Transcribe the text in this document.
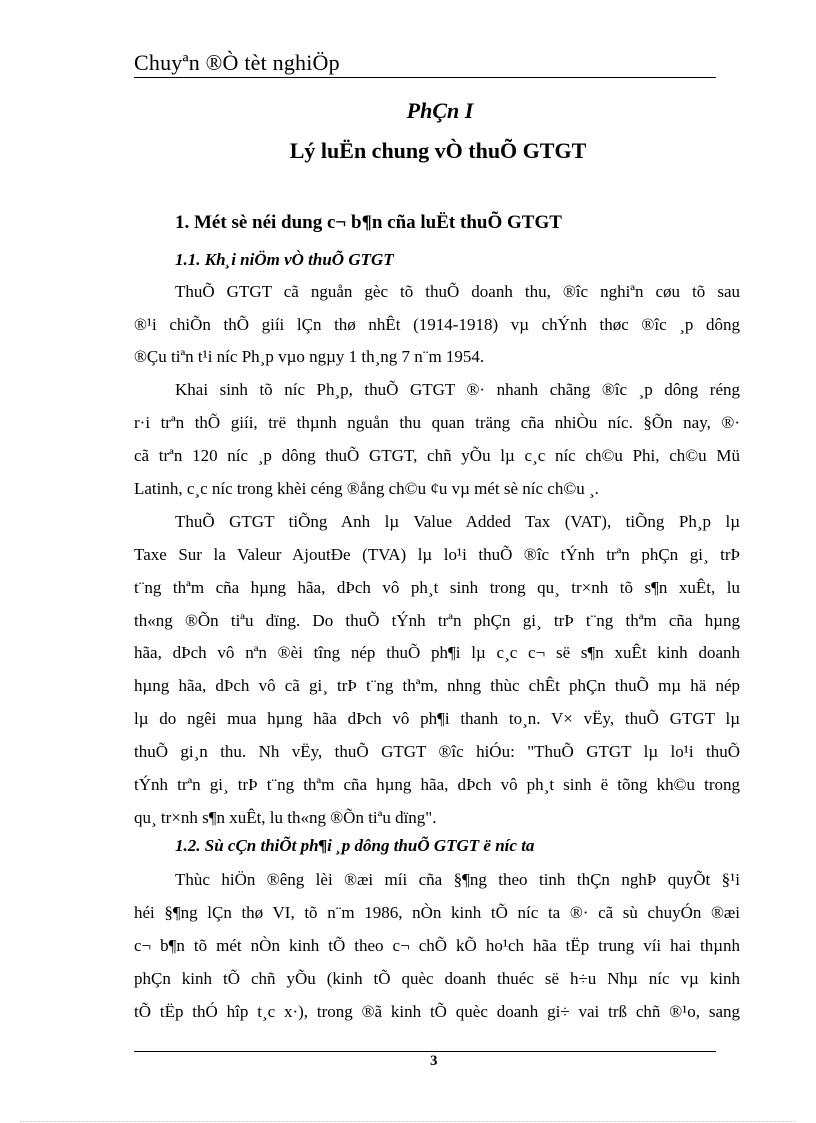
Chuyªn ®Ò tèt nghiÖp
PhÇn I
Lý luËn chung vÒ thuÕ GTGT
1. Mét sè néi dung c¬ b¶n cña luËt thuÕ GTGT
1.1. Kh¸i niÖm vÒ thuÕ GTGT
ThuÕ GTGT cã nguån gèc tõ thuÕ doanh thu, ®îc nghiªn cøu tõ sau
®¹i chiÕn thÕ giíi lÇn thø nhÊt (1914-1918) vµ chÝnh thøc ®îc ¸p dông
®Çu tiªn t¹i níc Ph¸p vµo ngµy 1 th¸ng 7 n¨m 1954.
Khai sinh tõ níc Ph¸p, thuÕ GTGT ®· nhanh chãng ®îc ¸p dông réng
r·i trªn thÕ giíi, trë thµnh nguån thu quan träng cña nhiÒu níc. §Õn nay, ®·
cã trªn 120 níc ¸p dông thuÕ GTGT, chñ yÕu lµ c¸c níc ch©u Phi, ch©u Mü
Latinh, c¸c níc trong khèi céng ®ång ch©u ¢u vµ mét sè níc ch©u ¸.
ThuÕ GTGT tiÕng Anh lµ Value Added Tax (VAT), tiÕng Ph¸p lµ
Taxe Sur la Valeur AjoutÐe (TVA) lµ lo¹i thuÕ ®îc tÝnh trªn phÇn gi¸ trÞ
t¨ng thªm cña hµng hãa, dÞch vô ph¸t sinh trong qu¸ tr×nh tõ s¶n xuÊt, lu
th«ng ®Õn tiªu dïng. Do thuÕ tÝnh trªn phÇn gi¸ trÞ t¨ng thªm cña hµng
hãa, dÞch vô nªn ®èi tîng nép thuÕ ph¶i lµ c¸c c¬ së s¶n xuÊt kinh doanh
hµng hãa, dÞch vô cã gi¸ trÞ t¨ng thªm, nhng thùc chÊt phÇn thuÕ mµ hä nép
lµ do ngêi mua hµng hãa dÞch vô ph¶i thanh to¸n. V× vËy, thuÕ GTGT lµ
thuÕ gi¸n thu. Nh vËy, thuÕ GTGT ®îc hiÓu: "ThuÕ GTGT lµ lo¹i thuÕ
tÝnh trªn gi¸ trÞ t¨ng thªm cña hµng hãa, dÞch vô ph¸t sinh ë tõng kh©u trong
qu¸ tr×nh s¶n xuÊt, lu th«ng ®Õn tiªu dïng".
1.2. Sù cÇn thiÕt ph¶i ¸p dông thuÕ GTGT ë níc ta
Thùc hiÖn ®êng lèi ®æi míi cña §¶ng theo tinh thÇn nghÞ quyÕt §¹i
héi §¶ng lÇn thø VI, tõ n¨m 1986, nÒn kinh tÕ níc ta ®· cã sù chuyÓn ®æi
c¬ b¶n tõ mét nÒn kinh tÕ theo c¬ chÕ kÕ ho¹ch hãa tËp trung víi hai thµnh
phÇn kinh tÕ chñ yÕu (kinh tÕ quèc doanh thuéc së h÷u Nhµ níc vµ kinh
tÕ tËp thÓ hîp t¸c x·), trong ®ã kinh tÕ quèc doanh gi÷ vai trß chñ ®¹o, sang
3
